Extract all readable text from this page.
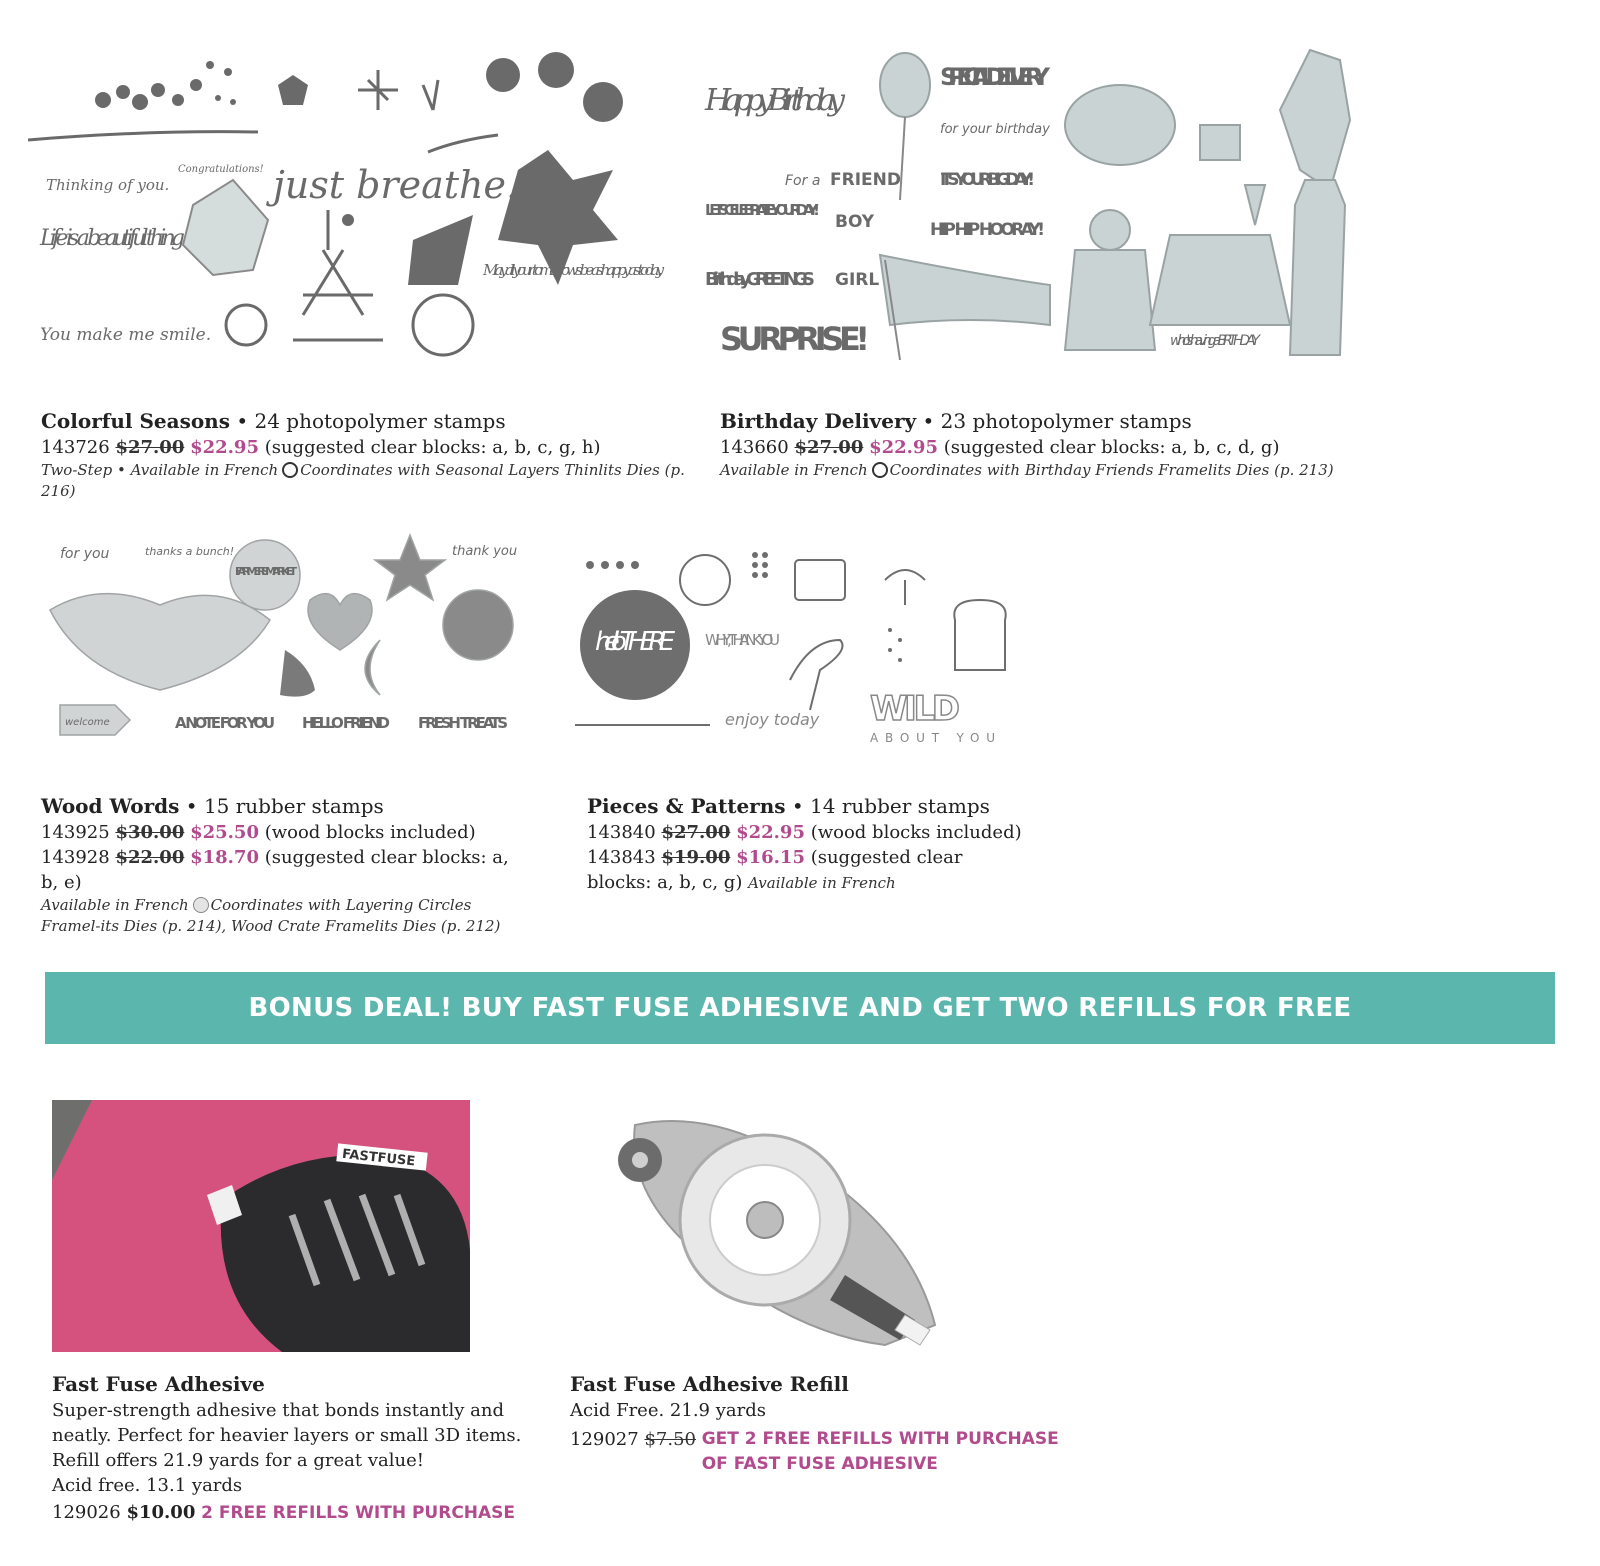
Thinking of you.
Congratulations! just breathe.
Life is a beautiful thing
You make me smile.
May all your tomorrows be as happy as today.
Happy Birthday
SPECIAL DELIVERY
for your birthday
For a FRIEND
LET'S CELEBRATE YOUR DAY!
BOY
IT'S YOUR BIG DAY!
HIP HIP HOORAY!
Birthday GREETINGS GIRL
SURPRISE!	who's having a BIRTHDAY
for you	thanks a bunch!
FARMER'S MARKET
thank you
welcome	A NOTE FOR YOU HELLO FRIEND FRESH TREATS
hello THERE WHY, THANK YOU
enjoy today WILD
ABOUT YOU
Colorful Seasons • 24 photopolymer stamps
143726 $27.00 $22.95 (suggested clear blocks: a, b, c, g, h)
Two-Step • Available in French Coordinates with Seasonal Layers Thinlits Dies (p. 216)
Birthday Delivery • 23 photopolymer stamps
143660 $27.00 $22.95 (suggested clear blocks: a, b, c, d, g)
Available in French Coordinates with Birthday Friends Framelits Dies (p. 213)
Wood Words • 15 rubber stamps
143925 $30.00 $25.50 (wood blocks included)
143928 $22.00 $18.70 (suggested clear blocks: a, b, e)
Available in French Coordinates with Layering Circles Framel-its Dies (p. 214), Wood Crate Framelits Dies (p. 212)
Pieces & Patterns • 14 rubber stamps
143840 $27.00 $22.95 (wood blocks included)
143843 $19.00 $16.15 (suggested clear blocks: a, b, c, g) Available in French
BONUS DEAL! BUY FAST FUSE ADHESIVE AND GET TWO REFILLS FOR FREE
FASTFUSE
Fast Fuse Adhesive
Super-strength adhesive that bonds instantly and neatly. Perfect for heavier layers or small 3D items. Refill offers 21.9 yards for a great value!
Acid free. 13.1 yards
129026 $10.00 2 FREE REFILLS WITH PURCHASE
Fast Fuse Adhesive Refill
Acid Free. 21.9 yards
129027
$7.50
GET 2 FREE REFILLS WITH PURCHASE OF FAST FUSE ADHESIVE
